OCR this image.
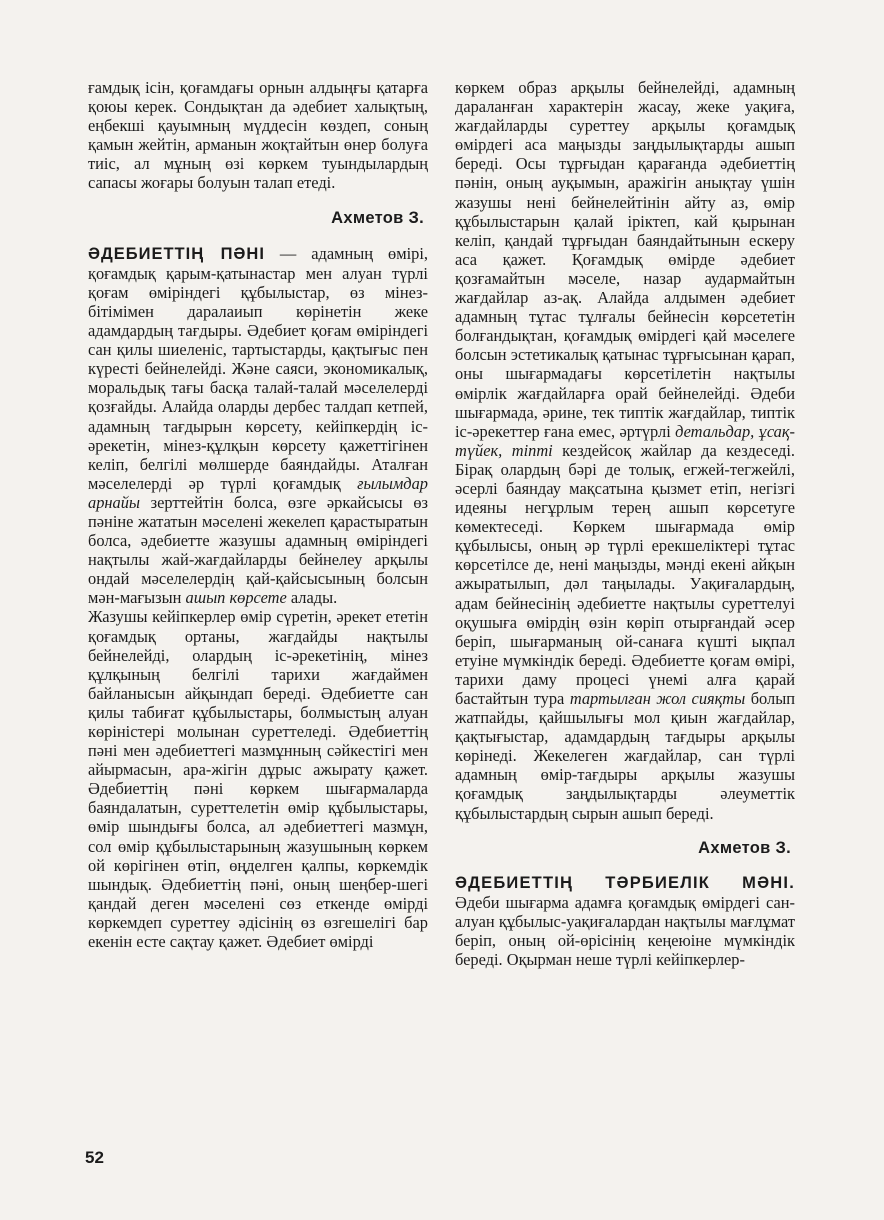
ғамдық ісін, қоғамдағы орнын алдыңғы қатарға қоюы керек. Сондықтан да әдебиет халықтың, еңбекші қауымның мүддесін көздеп, соның қамын жейтін, арманын жоқтайтын өнер болуға тиіс, ал мұның өзі көркем туындылардың сапасы жоғары болуын талап етеді.

Ахметов З.

ӘДЕБИЕТТІҢ ПӘНІ — адамның өмірі, қоғамдық қарым-қатынастар мен алуан түрлі қоғам өміріндегі құбылыстар, өз мінез-бітімімен даралаиып көрінетін жеке адамдардың тағдыры. Әдебиет қоғам өміріндегі сан қилы шиеленіс, тартыстарды, қақтығыс пен күресті бейнелейді. Және саяси, экономикалық, моральдық тағы басқа талай-талай мәселелерді қозғайды. Алайда оларды дербес талдап кетпей, адамның тағдырын көрсету, кейіпкердің іс-әрекетін, мінез-құлқын көрсету қажеттігінен келіп, белгілі мөлшерде баяндайды. Аталған мәселелерді әр түрлі қоғамдық ғылымдар арнайы зерттейтін болса, өзге әркайсысы өз пәніне жататын мәселені жекелеп қарастыратын болса, әдебиетте жазушы адамның өміріндегі нақтылы жай-жағдайларды бейнелеу арқылы ондай мәселелердің қай-қайсысының болсын мән-мағызын ашып көрсете алады.

Жазушы кейіпкерлер өмір сүретін, әрекет ететін қоғамдық ортаны, жағдайды нақтылы бейнелейді, олардың іс-әрекетінің, мінез құлқының белгілі тарихи жағдаймен байланысын айқындап береді. Әдебиетте сан қилы табиғат құбылыстары, болмыстың алуан көріністері молынан суреттеледі. Әдебиеттің пәні мен әдебиеттегі мазмұнның сәйкестігі мен айырмасын, ара-жігін дұрыс ажырату қажет. Әдебиеттің пәні көркем шығармаларда баяндалатын, суреттелетін өмір құбылыстары, өмір шындығы болса, ал әдебиеттегі мазмұн, сол өмір құбылыстарының жазушының көркем ой көрігінен өтіп, өңделген қалпы, көркемдік шындық. Әдебиеттің пәні, оның шеңбер-шегі қандай деген мәселені сөз еткенде өмірді көркемдеп суреттеу әдісінің өз өзгешелігі бар екенін есте сақтау қажет. Әдебиет өмірді

көркем образ арқылы бейнелейді, адамның дараланған характерін жасау, жеке уақиға, жағдайларды суреттеу арқылы қоғамдық өмірдегі аса маңызды заңдылықтарды ашып береді. Осы тұрғыдан қарағанда әдебиеттің пәнін, оның ауқымын, аражігін анықтау үшін жазушы нені бейнелейтінін айту аз, өмір құбылыстарын қалай іріктеп, кай қырынан келіп, қандай тұрғыдан баяндайтынын ескеру аса қажет. Қоғамдық өмірде әдебиет қозғамайтын мәселе, назар аудармайтын жағдайлар аз-ақ. Алайда алдымен әдебиет адамның тұтас тұлғалы бейнесін көрсететін болғандықтан, қоғамдық өмірдегі қай мәселеге болсын эстетикалық қатынас тұрғысынан қарап, оны шығармадағы көрсетілетін нақтылы өмірлік жағдайларға орай бейнелейді. Әдеби шығармада, әрине, тек типтік жағдайлар, типтік іс-әрекеттер ғана емес, әртүрлі детальдар, ұсақ-түйек, тіпті кездейсоқ жайлар да кездеседі. Бірақ олардың бәрі де толық, егжей-тегжейлі, әсерлі баяндау мақсатына қызмет етіп, негізгі идеяны негұрлым терең ашып көрсетуге көмектеседі. Көркем шығармада өмір құбылысы, оның әр түрлі ерекшеліктері тұтас көрсетілсе де, нені маңызды, мәнді екені айқын ажыратылып, дәл таңылады. Уақиғалардың, адам бейнесінің әдебиетте нақтылы суреттелуі оқушыға өмірдің өзін көріп отырғандай әсер беріп, шығарманың ой-санаға күшті ықпал етуіне мүмкіндік береді. Әдебиетте қоғам өмірі, тарихи даму процесі үнемі алға қарай бастайтын тура тартылған жол сияқты болып жатпайды, қайшылығы мол қиын жағдайлар, қақтығыстар, адамдардың тағдыры арқылы көрінеді. Жекелеген жағдайлар, сан түрлі адамның өмір-тағдыры арқылы жазушы қоғамдық заңдылықтарды әлеуметтік құбылыстардың сырын ашып береді.

Ахметов З.
ӘДЕБИЕТТІҢ ТӘРБИЕЛІК МӘНІ.

Әдеби шығарма адамға қоғамдық өмірдегі сан-алуан құбылыс-уақиғалардан нақтылы мағлұмат беріп, оның ой-өрісінің кеңеюіне мүмкіндік береді. Оқырман неше түрлі кейіпкерлер-

52
